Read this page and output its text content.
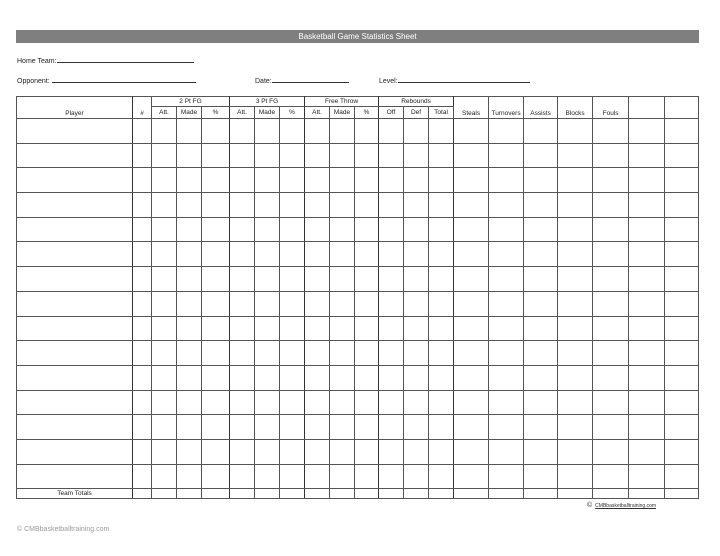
Basketball Game Statistics Sheet
Home Team:
Opponent:	Date:	Level:
Player	#	2 Pt FG			3 Pt FG			Free Throw			Rebounds			Steals	Turnovers	Assists	Blocks	Fouls		
		Att.	Made	%	Att.	Made	%	Att.	Made	%	Off	Def	Total							

Team Totals																				
© CMBbasketballtraining.com
© CMBbasketballtraining.com
